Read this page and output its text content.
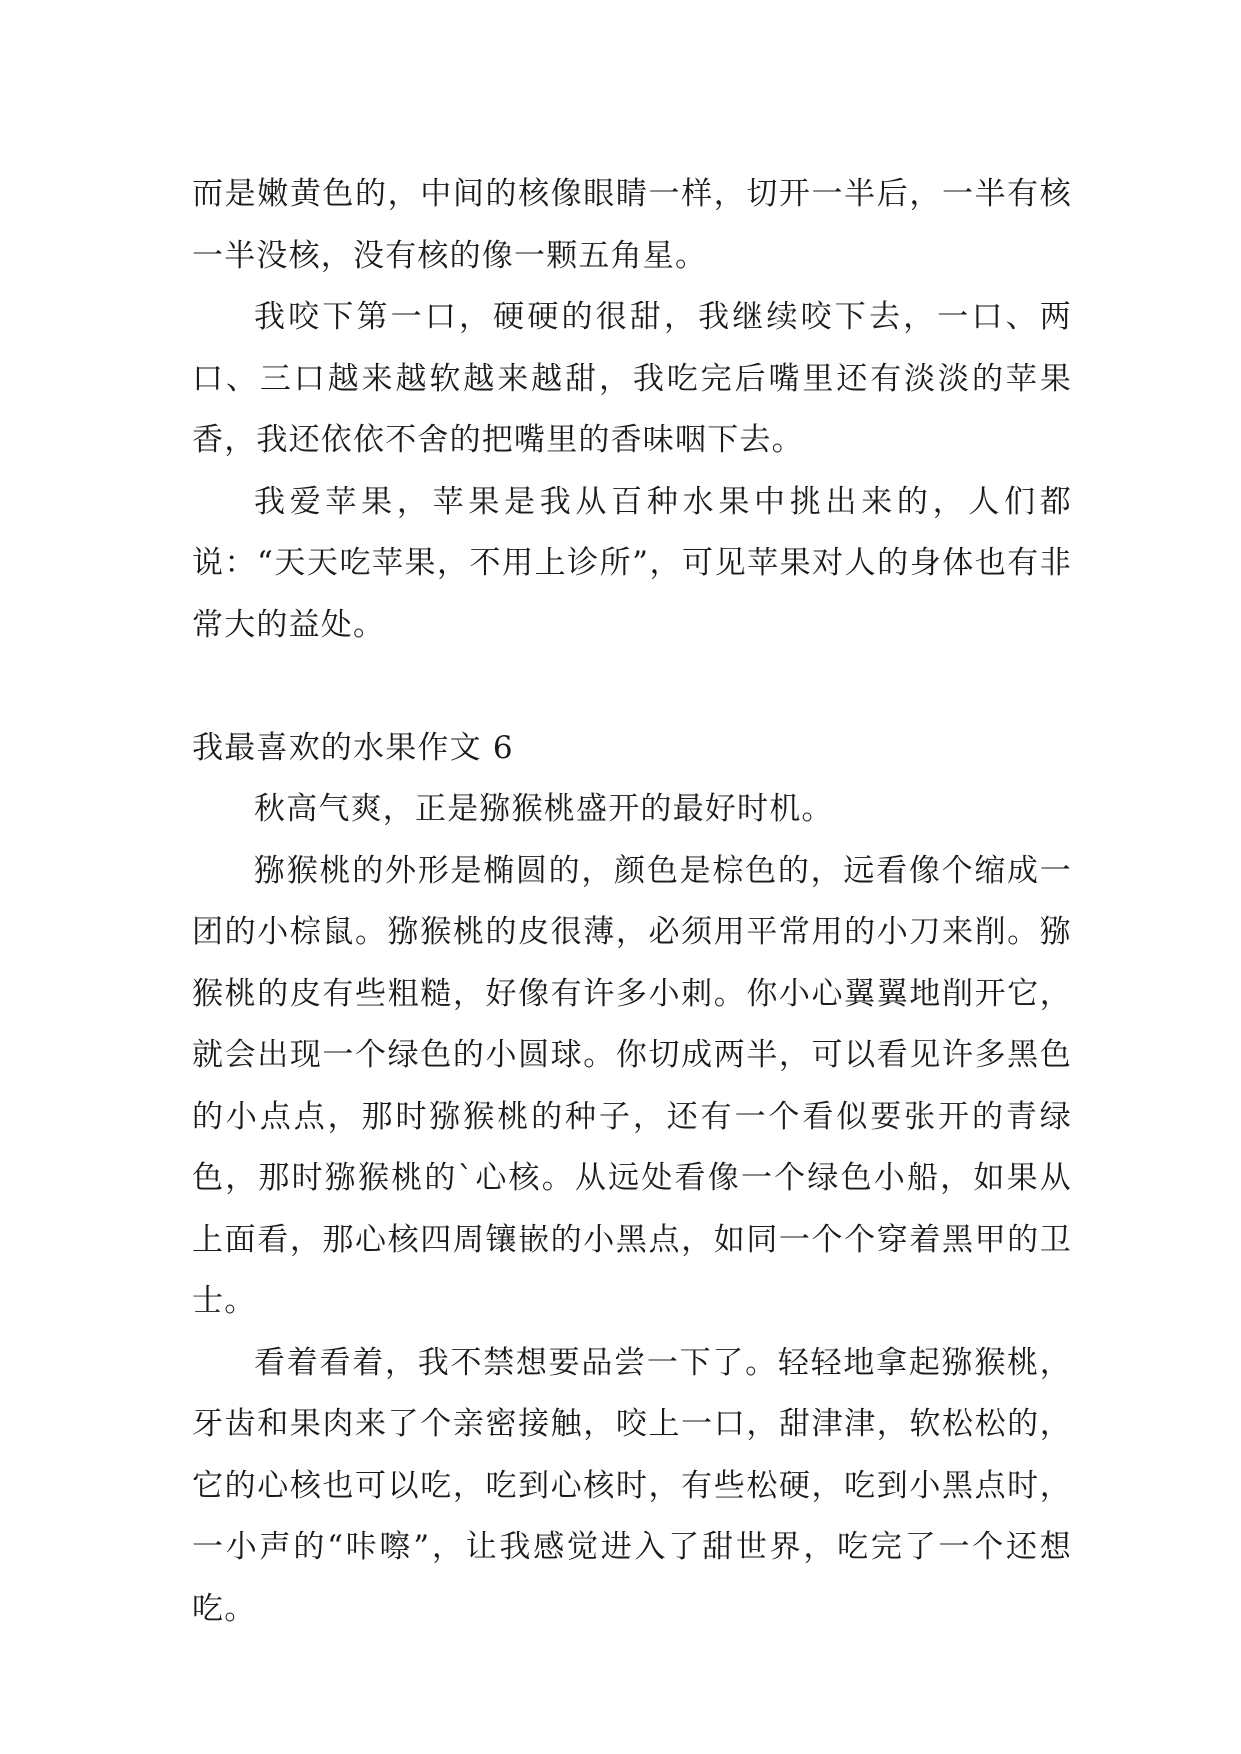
而是嫩黄色的，中间的核像眼睛一样，切开一半后，一半有核一半没核，没有核的像一颗五角星。

我咬下第一口，硬硬的很甜，我继续咬下去，一口、两口、三口越来越软越来越甜，我吃完后嘴里还有淡淡的苹果香，我还依依不舍的把嘴里的香味咽下去。

我爱苹果，苹果是我从百种水果中挑出来的，人们都说：“天天吃苹果，不用上诊所”，可见苹果对人的身体也有非常大的益处。

我最喜欢的水果作文 6

秋高气爽，正是猕猴桃盛开的最好时机。

猕猴桃的外形是椭圆的，颜色是棕色的，远看像个缩成一团的小棕鼠。猕猴桃的皮很薄，必须用平常用的小刀来削。猕猴桃的皮有些粗糙，好像有许多小刺。你小心翼翼地削开它，就会出现一个绿色的小圆球。你切成两半，可以看见许多黑色的小点点，那时猕猴桃的种子，还有一个看似要张开的青绿色，那时猕猴桃的`心核。从远处看像一个绿色小船，如果从上面看，那心核四周镶嵌的小黑点，如同一个个穿着黑甲的卫士。

看着看着，我不禁想要品尝一下了。轻轻地拿起猕猴桃，牙齿和果肉来了个亲密接触，咬上一口，甜津津，软松松的，它的心核也可以吃，吃到心核时，有些松硬，吃到小黑点时，一小声的“咔嚓”，让我感觉进入了甜世界，吃完了一个还想吃。
